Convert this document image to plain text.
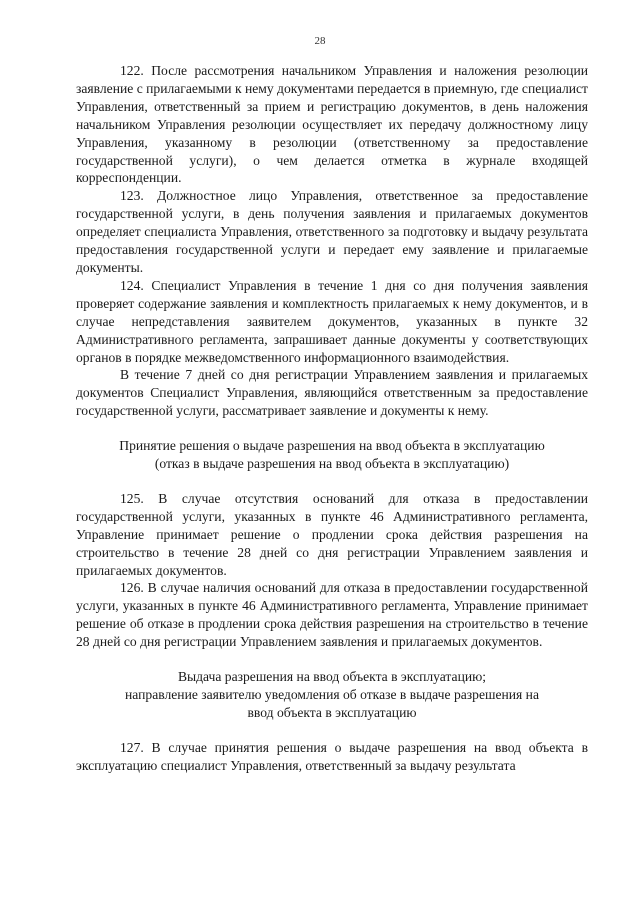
28

122. После рассмотрения начальником Управления и наложения резолюции заявление с прилагаемыми к нему документами передается в приемную, где специалист Управления, ответственный за прием и регистрацию документов, в день наложения начальником Управления резолюции осуществляет их передачу должностному лицу Управления, указанному в резолюции (ответственному за предоставление государственной услуги), о чем делается отметка в журнале входящей корреспонденции.

123. Должностное лицо Управления, ответственное за предоставление государственной услуги, в день получения заявления и прилагаемых документов определяет специалиста Управления, ответственного за подготовку и выдачу результата предоставления государственной услуги и передает ему заявление и прилагаемые документы.

124. Специалист Управления в течение 1 дня со дня получения заявления проверяет содержание заявления и комплектность прилагаемых к нему документов, и в случае непредставления заявителем документов, указанных в пункте 32 Административного регламента, запрашивает данные документы у соответствующих органов в порядке межведомственного информационного взаимодействия.

В течение 7 дней со дня регистрации Управлением заявления и прилагаемых документов Специалист Управления, являющийся ответственным за предоставление государственной услуги, рассматривает заявление и документы к нему.

Принятие решения о выдаче разрешения на ввод объекта в эксплуатацию
(отказ в выдаче разрешения на ввод объекта в эксплуатацию)

125. В случае отсутствия оснований для отказа в предоставлении государственной услуги, указанных в пункте 46 Административного регламента, Управление принимает решение о продлении срока действия разрешения на строительство в течение 28 дней со дня регистрации Управлением заявления и прилагаемых документов.

126. В случае наличия оснований для отказа в предоставлении государственной услуги, указанных в пункте 46 Административного регламента, Управление принимает решение об отказе в продлении срока действия разрешения на строительство в течение 28 дней со дня регистрации Управлением заявления и прилагаемых документов.

Выдача разрешения на ввод объекта в эксплуатацию;
направление заявителю уведомления об отказе в выдаче разрешения на
ввод объекта в эксплуатацию

127. В случае принятия решения о выдаче разрешения на ввод объекта в эксплуатацию специалист Управления, ответственный за выдачу результата
